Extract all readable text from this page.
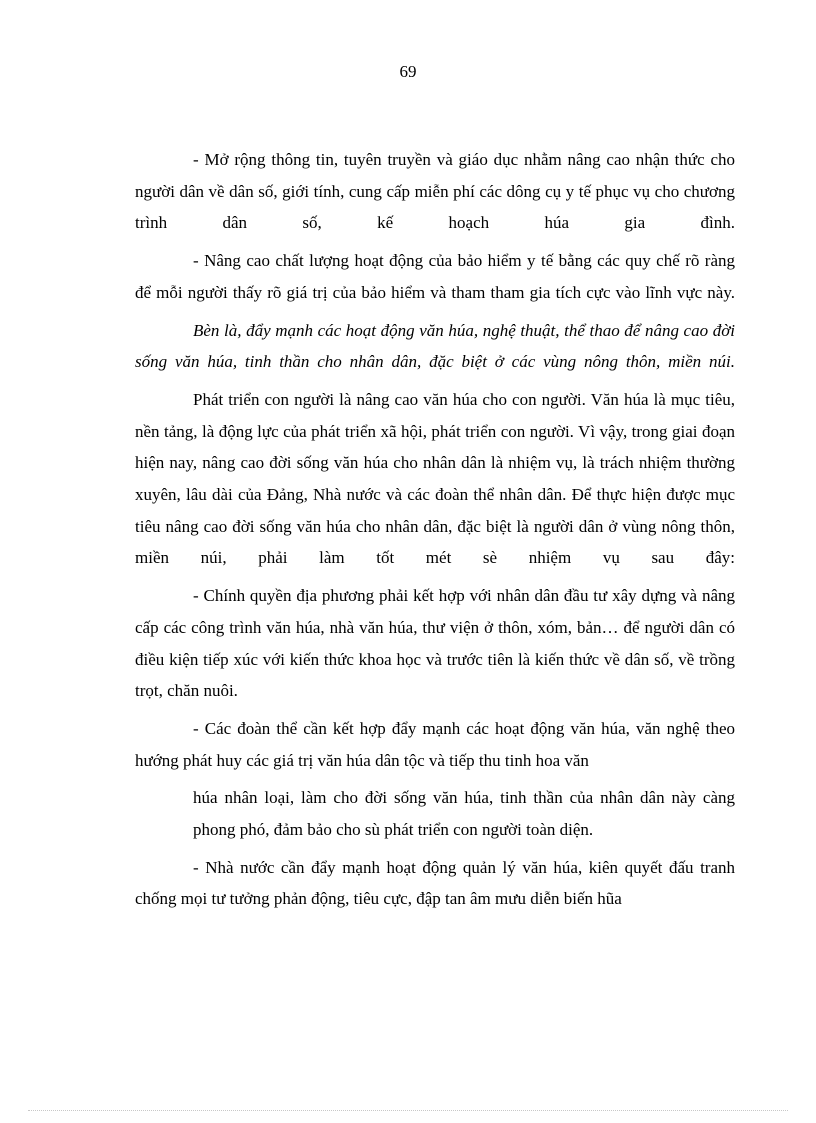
69

- Mở rộng thông tin, tuyên truyền và giáo dục nhằm nâng cao nhận thức cho người dân về dân số, giới tính, cung cấp miễn phí các dông cụ y tế phục vụ cho chương trình dân số, kế hoạch húa gia đình.

- Nâng cao chất lượng hoạt động của bảo hiểm y tế bằng các quy chế rõ ràng để mỗi người thấy rõ giá trị của bảo hiểm và tham tham gia tích cực vào lĩnh vực này.

Bèn là, đẩy mạnh các hoạt động văn húa, nghệ thuật, thể thao để nâng cao đời sống văn húa, tinh thần cho nhân dân, đặc biệt ở các vùng nông thôn, miền núi.

Phát triển con người là nâng cao văn húa cho con người. Văn húa là mục tiêu, nền tảng, là động lực của phát triển xã hội, phát triển con người. Vì vậy, trong giai đoạn hiện nay, nâng cao đời sống văn húa cho nhân dân là nhiệm vụ, là trách nhiệm thường xuyên, lâu dài của Đảng, Nhà nước và các đoàn thể nhân dân. Để thực hiện được mục tiêu nâng cao đời sống văn húa cho nhân dân, đặc biệt là người dân ở vùng nông thôn, miền núi, phải làm tốt mét sè nhiệm vụ sau đây:

- Chính quyền địa phương phải kết hợp với nhân dân đầu tư xây dựng và nâng cấp các công trình văn húa, nhà văn húa, thư viện ở thôn, xóm, bản… để người dân có điều kiện tiếp xúc với kiến thức khoa học và trước tiên là kiến thức về dân số, về trồng trọt, chăn nuôi.

- Các đoàn thể cần kết hợp đẩy mạnh các hoạt động văn húa, văn nghệ theo hướng phát huy các giá trị văn húa dân tộc và tiếp thu tinh hoa văn

húa nhân loại, làm cho đời sống văn húa, tinh thần của nhân dân này càng phong phó, đảm bảo cho sù phát triển con người toàn diện.

- Nhà nước cần đẩy mạnh hoạt động quản lý văn húa, kiên quyết đấu tranh chống mọi tư tưởng phản động, tiêu cực, đập tan âm mưu diễn biến hũa
